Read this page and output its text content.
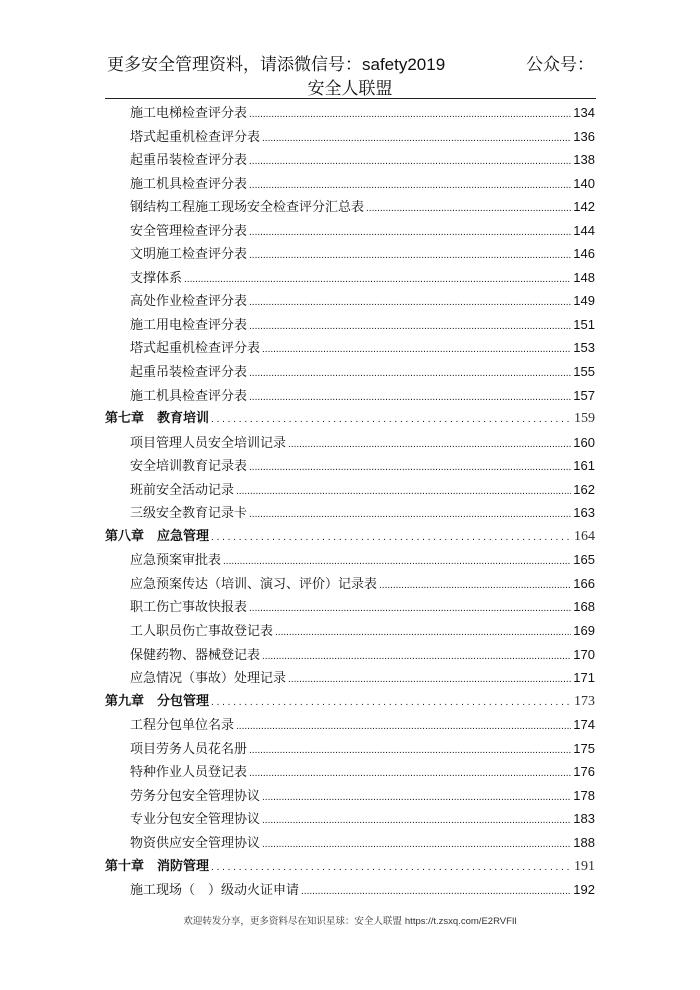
更多安全管理资料，请添微信号：safety2019	公众号：
安全人联盟
施工电梯检查评分表 .....	134
塔式起重机检查评分表 .....	136
起重吊装检查评分表 .....	138
施工机具检查评分表 .....	140
钢结构工程施工现场安全检查评分汇总表 .....	142
安全管理检查评分表 .....	144
文明施工检查评分表 .....	146
支撑体系 .....	148
高处作业检查评分表 .....	149
施工用电检查评分表 .....	151
塔式起重机检查评分表 .....	153
起重吊装检查评分表 .....	155
施工机具检查评分表 .....	157
第七章　教育培训 . . .	159
项目管理人员安全培训记录 .....	160
安全培训教育记录表 .....	161
班前安全活动记录 .....	162
三级安全教育记录卡 .....	163
第八章　应急管理 . . .	164
应急预案审批表 .....	165
应急预案传达（培训、演习、评价）记录表 .....	166
职工伤亡事故快报表 .....	168
工人职员伤亡事故登记表 .....	169
保健药物、器械登记表 .....	170
应急情况（事故）处理记录 .....	171
第九章　分包管理 . . .	173
工程分包单位名录 .....	174
项目劳务人员花名册 .....	175
特种作业人员登记表 .....	176
劳务分包安全管理协议 .....	178
专业分包安全管理协议 .....	183
物资供应安全管理协议 .....	188
第十章　消防管理 . . .	191
施工现场（　）级动火证申请 .....	192
欢迎转发分享，更多资料尽在知识星球：安全人联盟 https://t.zsxq.com/E2RVFIl
